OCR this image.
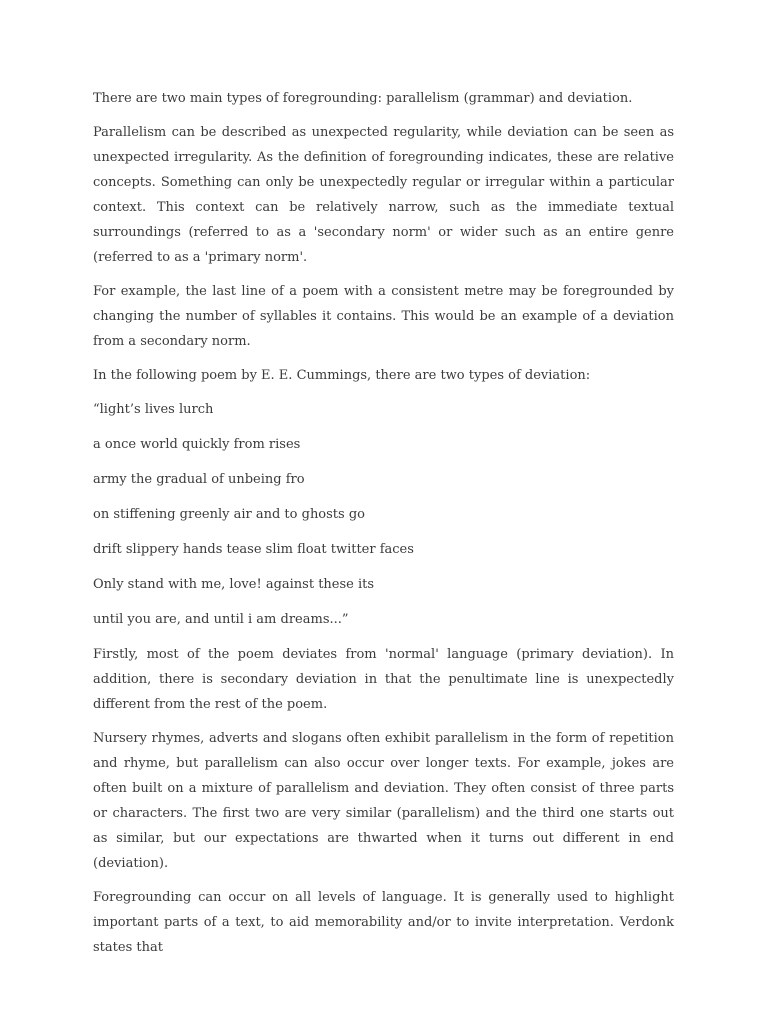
There are two main types of foregrounding: parallelism (grammar) and deviation.

Parallelism can be described as unexpected regularity, while deviation can be seen as unexpected irregularity. As the definition of foregrounding indicates, these are relative concepts. Something can only be unexpectedly regular or irregular within a particular context. This context can be relatively narrow, such as the immediate textual surroundings (referred to as a 'secondary norm' or wider such as an entire genre (referred to as a 'primary norm'.

For example, the last line of a poem with a consistent metre may be foregrounded by changing the number of syllables it contains. This would be an example of a deviation from a secondary norm.

In the following poem by E. E. Cummings, there are two types of deviation:

“light’s lives lurch

a once world quickly from rises

army the gradual of unbeing fro

on stiffening greenly air and to ghosts go

drift slippery hands tease slim float twitter faces

Only stand with me, love! against these its

until you are, and until i am dreams...”

Firstly, most of the poem deviates from 'normal' language (primary deviation). In addition, there is secondary deviation in that the penultimate line is unexpectedly different from the rest of the poem.

Nursery rhymes, adverts and slogans often exhibit parallelism in the form of repetition and rhyme, but parallelism can also occur over longer texts. For example, jokes are often built on a mixture of parallelism and deviation. They often consist of three parts or characters. The first two are very similar (parallelism) and the third one starts out as similar, but our expectations are thwarted when it turns out different in end (deviation).

Foregrounding can occur on all levels of language. It is generally used to highlight important parts of a text, to aid memorability and/or to invite interpretation. Verdonk states that
